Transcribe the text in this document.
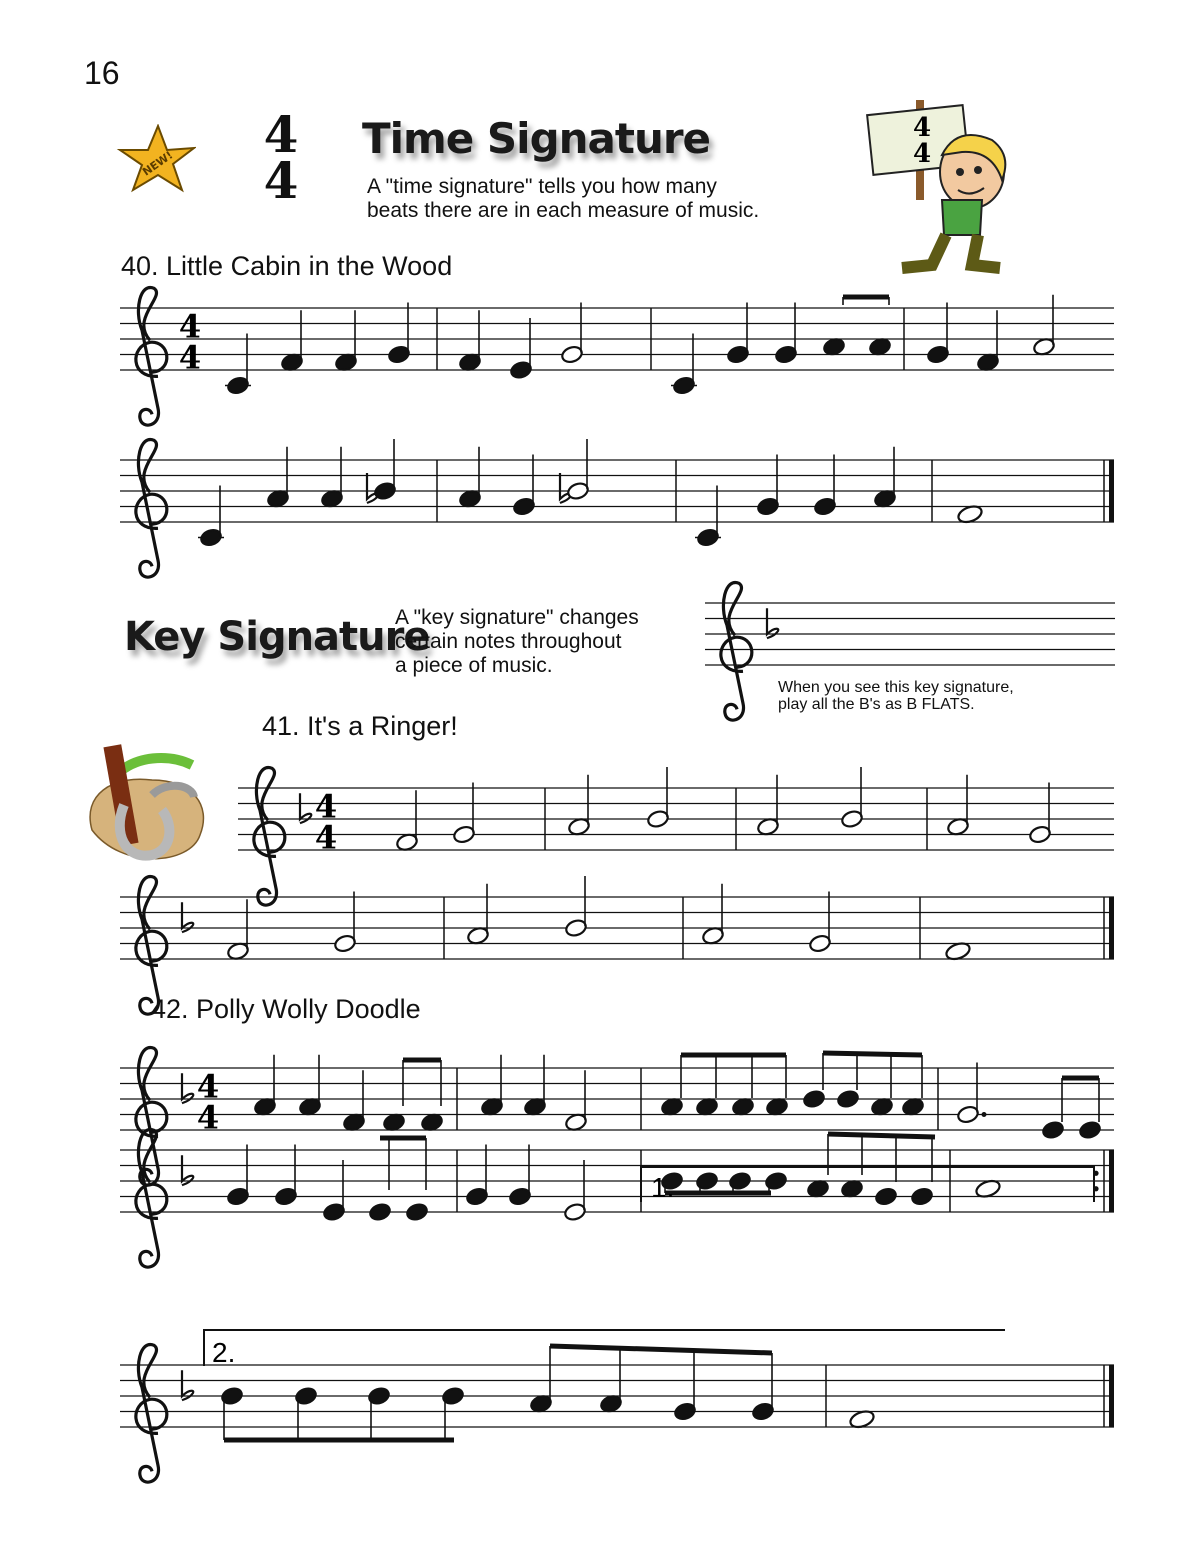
16
NEW! 4
4
Time Signature
A "time signature" tells you how many
beats there are in each measure of music.
4
4
40. Little Cabin in the Wood
4
4
4
4
4
4
1.
2.
Key Signature
A "key signature" changes
certain notes throughout
a piece of music.
When you see this key signature,
play all the B's as B FLATS.
41. It's a Ringer!
42. Polly Wolly Doodle
